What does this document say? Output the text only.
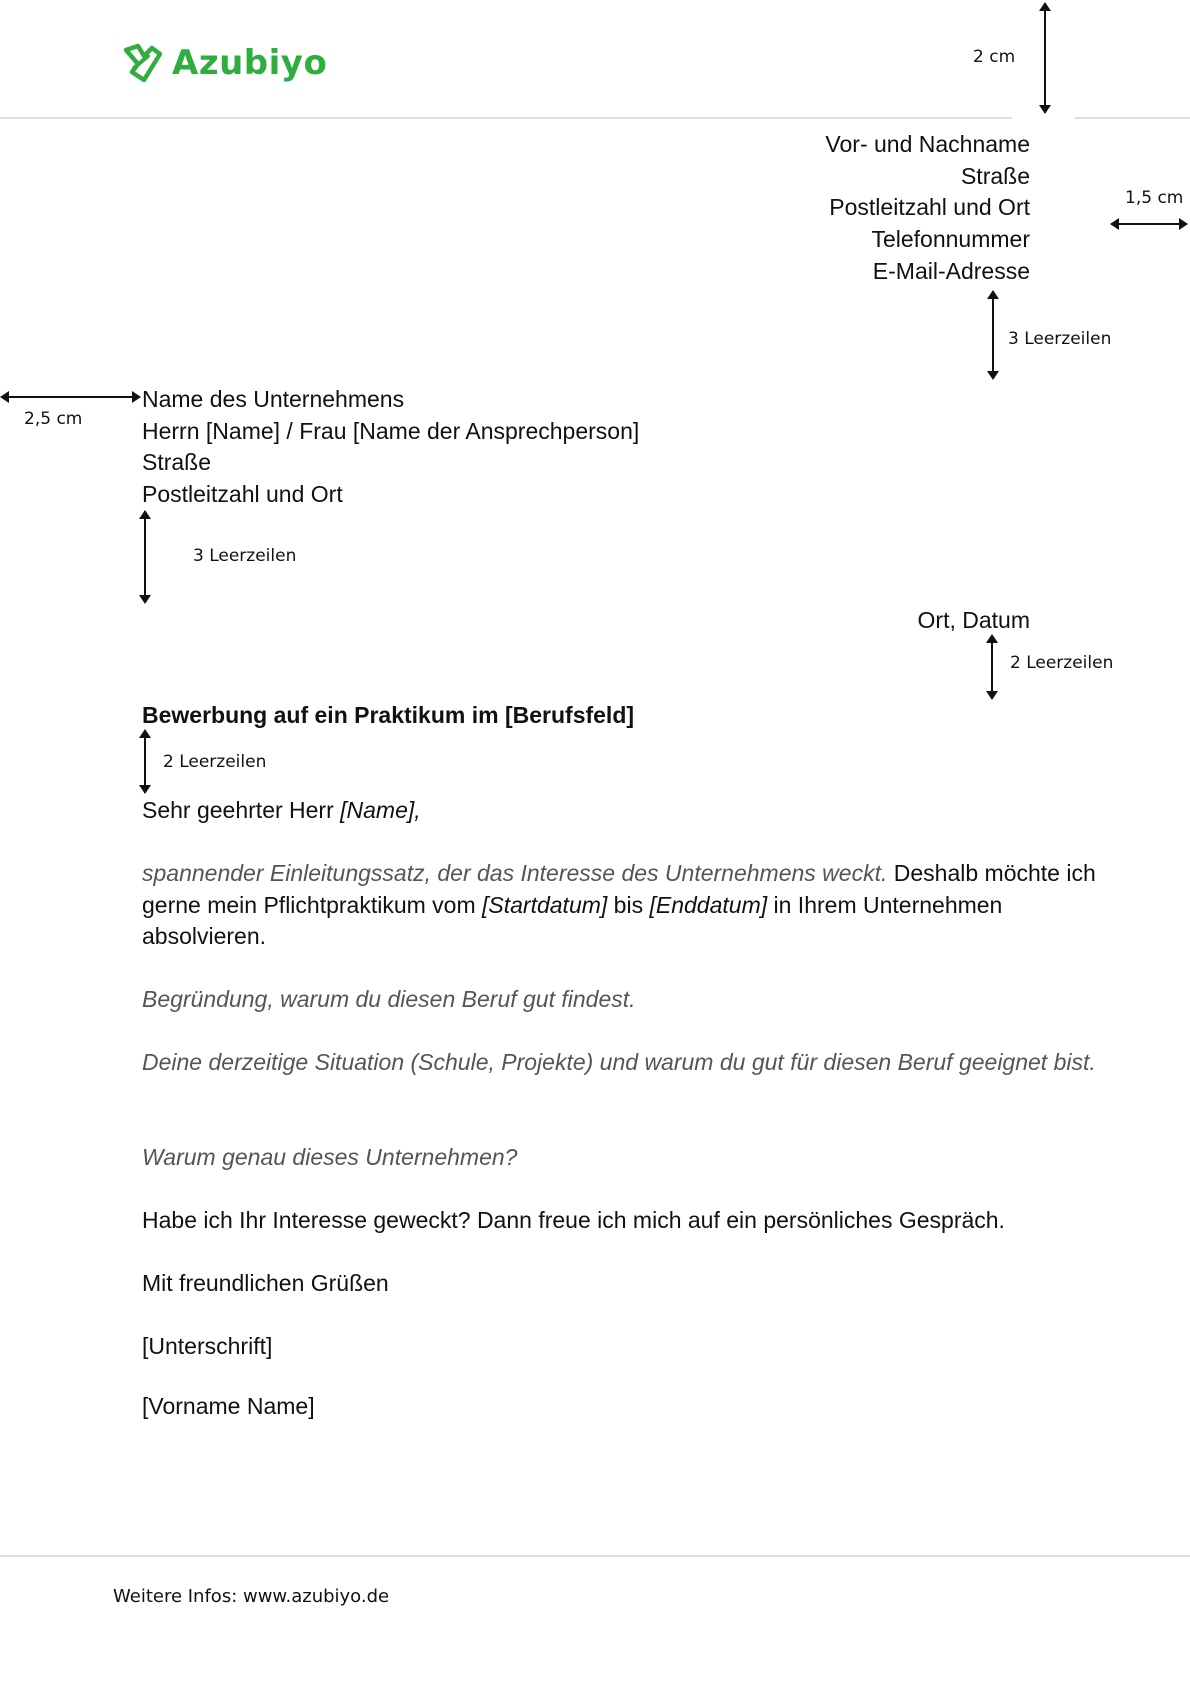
Azubiyo	2 cm
Vor- und Nachname
Straße
Postleitzahl und Ort
Telefonnummer
E-Mail-Adresse
1,5 cm
3 Leerzeilen
2,5 cm
Name des Unternehmens
Herrn [Name] / Frau [Name der Ansprechperson]
Straße
Postleitzahl und Ort
3 Leerzeilen
Ort, Datum
2 Leerzeilen
Bewerbung auf ein Praktikum im [Berufsfeld]
2 Leerzeilen
Sehr geehrter Herr [Name],
spannender Einleitungssatz, der das Interesse des Unternehmens weckt. Deshalb möchte ich gerne mein Pflichtpraktikum vom [Startdatum] bis [Enddatum] in Ihrem Unternehmen absolvieren.
Begründung, warum du diesen Beruf gut findest.
Deine derzeitige Situation (Schule, Projekte) und warum du gut für diesen Beruf geeignet bist.
Warum genau dieses Unternehmen?
Habe ich Ihr Interesse geweckt? Dann freue ich mich auf ein persönliches Gespräch.
Mit freundlichen Grüßen
[Unterschrift]
[Vorname Name]
Weitere Infos: www.azubiyo.de
